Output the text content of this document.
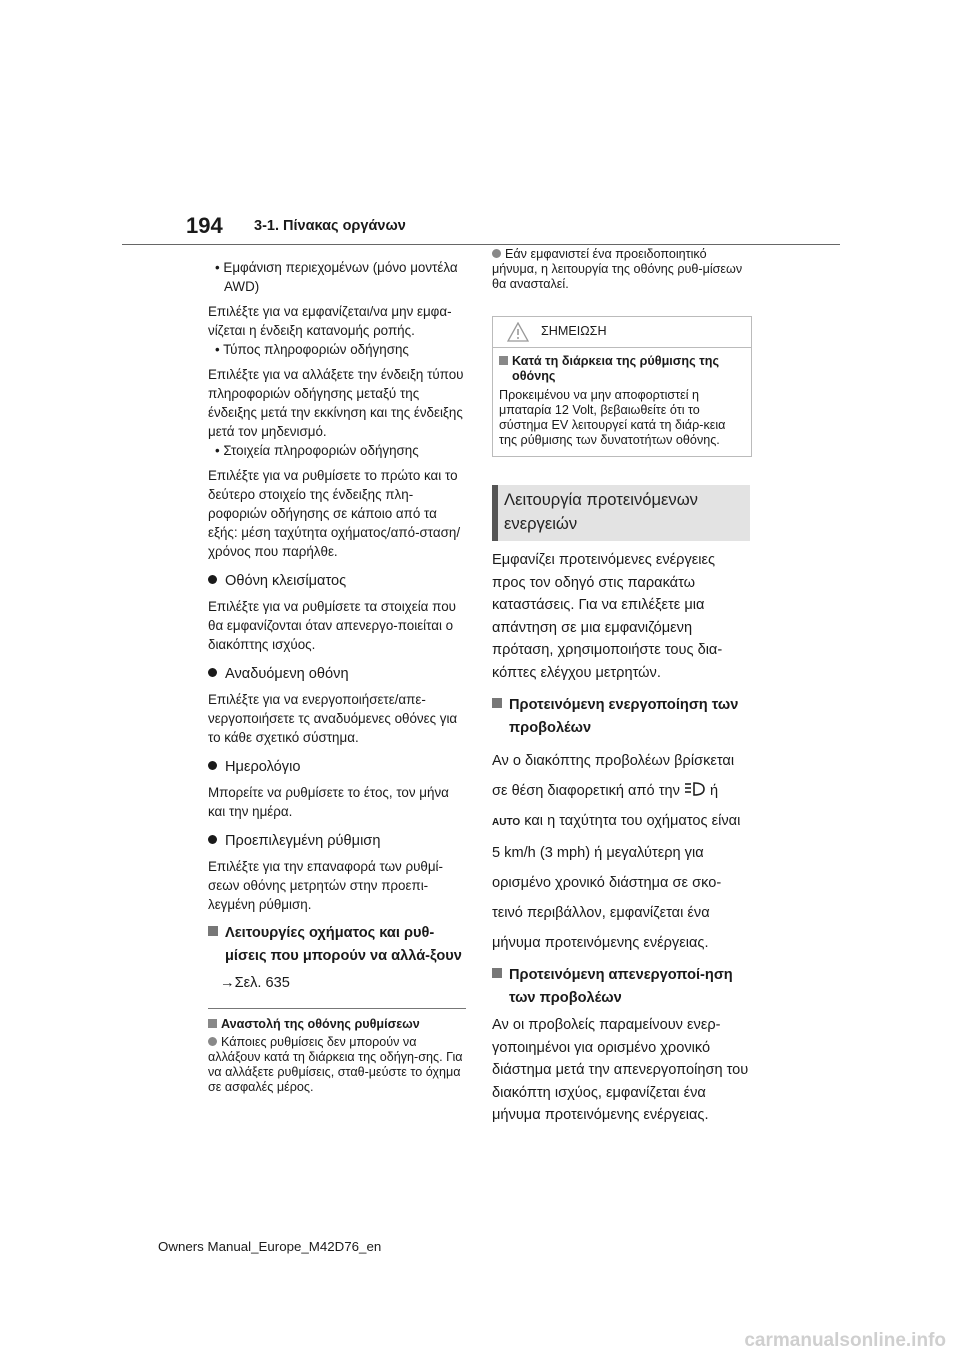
194 3-1. Πίνακας οργάνων

• Εμφάνιση περιεχομένων (μόνο μοντέλα AWD)

Επιλέξτε για να εμφανίζεται/να μην εμφα-νίζεται η ένδειξη κατανομής ροπής.

• Τύπος πληροφοριών οδήγησης

Επιλέξτε για να αλλάξετε την ένδειξη τύπου πληροφοριών οδήγησης μεταξύ της ένδειξης μετά την εκκίνηση και της ένδειξης μετά τον μηδενισμό.

• Στοιχεία πληροφοριών οδήγησης

Επιλέξτε για να ρυθμίσετε το πρώτο και το δεύτερο στοιχείο της ένδειξης πλη-ροφοριών οδήγησης σε κάποιο από τα εξής: μέση ταχύτητα οχήματος/από-σταση/χρόνος που παρήλθε.

Οθόνη κλεισίματος

Επιλέξτε για να ρυθμίσετε τα στοιχεία που θα εμφανίζονται όταν απενεργο-ποιείται ο διακόπτης ισχύος.

Αναδυόμενη οθόνη

Επιλέξτε για να ενεργοποιήσετε/απε-νεργοποιήσετε τς αναδυόμενες οθόνες για το κάθε σχετικό σύστημα.

Ημερολόγιο

Μπορείτε να ρυθμίσετε το έτος, τον μήνα και την ημέρα.

Προεπιλεγμένη ρύθμιση

Επιλέξτε για την επαναφορά των ρυθμί-σεων οθόνης μετρητών στην προεπι-λεγμένη ρύθμιση.

Λειτουργίες οχήματος και ρυθ-μίσεις που μπορούν να αλλά-ξουν

→Σελ. 635

Αναστολή της οθόνης ρυθμίσεων

Κάποιες ρυθμίσεις δεν μπορούν να αλλάξουν κατά τη διάρκεια της οδήγη-σης. Για να αλλάξετε ρυθμίσεις, σταθ-μεύστε το όχημα σε ασφαλές μέρος.

Εάν εμφανιστεί ένα προειδοποιητικό μήνυμα, η λειτουργία της οθόνης ρυθ-μίσεων θα ανασταλεί.

ΣΗΜΕΙΩΣΗ

Κατά τη διάρκεια της ρύθμισης της οθόνης

Προκειμένου να μην αποφορτιστεί η μπαταρία 12 Volt, βεβαιωθείτε ότι το σύστημα EV λειτουργεί κατά τη διάρ-κεια της ρύθμισης των δυνατοτήτων οθόνης.

Λειτουργία προτεινόμενων ενεργειών

Εμφανίζει προτεινόμενες ενέργειες προς τον οδηγό στις παρακάτω καταστάσεις. Για να επιλέξετε μια απάντηση σε μια εμφανιζόμενη πρόταση, χρησιμοποιήστε τους δια-κόπτες ελέγχου μετρητών.

Προτεινόμενη ενεργοποίηση των προβολέων

Αν ο διακόπτης προβολέων βρίσκεται σε θέση διαφορετική από την ή
AUTO και η ταχύτητα του οχήματος είναι 5 km/h (3 mph) ή μεγαλύτερη για ορισμένο χρονικό διάστημα σε σκο-τεινό περιβάλλον, εμφανίζεται ένα μήνυμα προτεινόμενης ενέργειας.

Προτεινόμενη απενεργοποί-ηση των προβολέων

Αν οι προβολείς παραμείνουν ενερ-γοποιημένοι για ορισμένο χρονικό διάστημα μετά την απενεργοποίηση του διακόπτη ισχύος, εμφανίζεται ένα μήνυμα προτεινόμενης ενέργειας.

Owners Manual_Europe_M42D76_en
carmanualsonline.info
